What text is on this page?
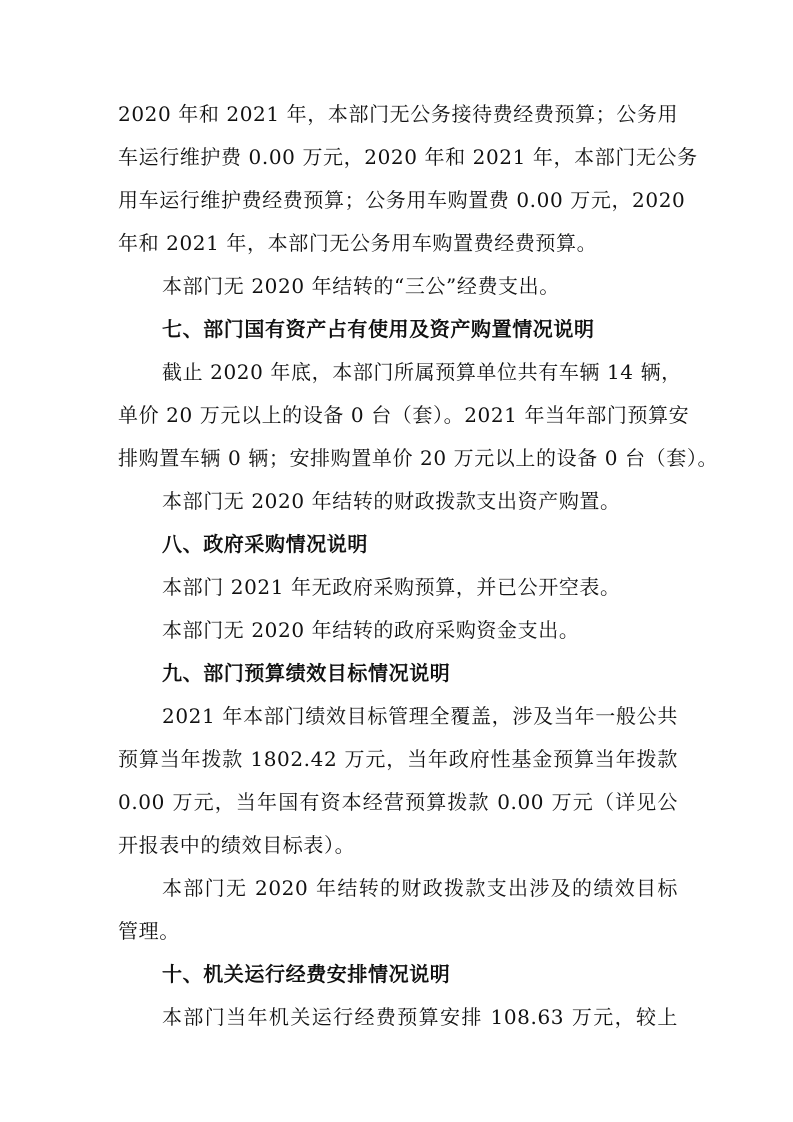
2020 年和 2021 年，本部门无公务接待费经费预算；公务用
车运行维护费 0.00 万元，2020 年和 2021 年，本部门无公务
用车运行维护费经费预算；公务用车购置费 0.00 万元，2020
年和 2021 年，本部门无公务用车购置费经费预算。
本部门无 2020 年结转的“三公”经费支出。
七、部门国有资产占有使用及资产购置情况说明
截止 2020 年底，本部门所属预算单位共有车辆 14 辆，
单价 20 万元以上的设备 0 台（套）。2021 年当年部门预算安
排购置车辆 0 辆；安排购置单价 20 万元以上的设备 0 台（套）。
本部门无 2020 年结转的财政拨款支出资产购置。
八、政府采购情况说明
本部门 2021 年无政府采购预算，并已公开空表。
本部门无 2020 年结转的政府采购资金支出。
九、部门预算绩效目标情况说明
2021 年本部门绩效目标管理全覆盖，涉及当年一般公共
预算当年拨款 1802.42 万元，当年政府性基金预算当年拨款
0.00 万元，当年国有资本经营预算拨款 0.00 万元（详见公
开报表中的绩效目标表）。
本部门无 2020 年结转的财政拨款支出涉及的绩效目标
管理。
十、机关运行经费安排情况说明
本部门当年机关运行经费预算安排 108.63 万元，较上
